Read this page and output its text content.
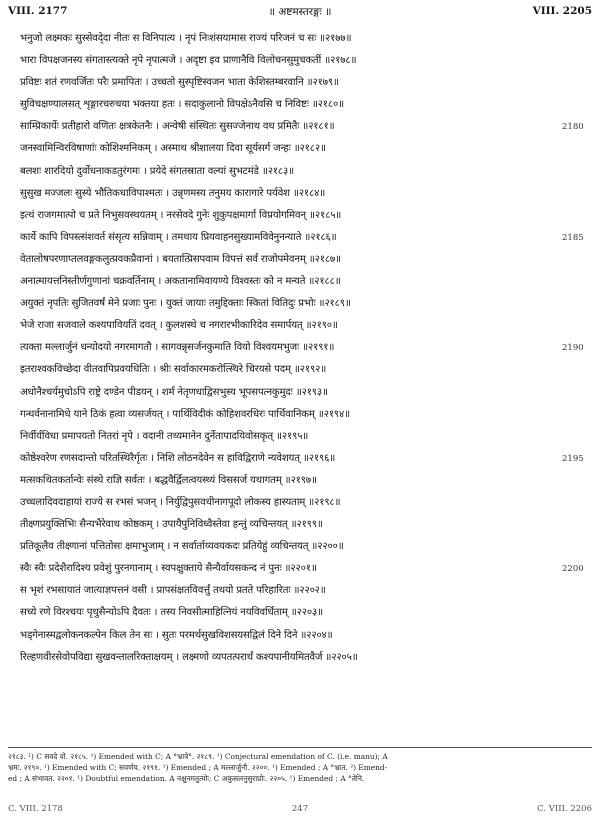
VIII. 2177	॥ अष्टमस्तरङ्गः ॥	VIII. 2205
भनुजो लक्ष्मकः सुस्सेवदे्दा नीतः स विनिपात्य । नृपं निःशंसयामास राज्यं परिजनं च सः ॥२१७७॥
भारा विपक्षजनस्य संगतास्त्यक्ते नृपे नृपात्मजे । अदृष्टा इव प्राणानैवि विलोचनसुमुचकतीं ॥२१७८॥
प्रविष्टः शतं रणवर्जितः परैः प्रमापितः । उच्चतो सुस्पृष्टिस्वजन भाता केशिस्तम्बरवानि ॥२१७९॥
सुविचक्षण्यालसत् शृङ्गारचरुचया भक्तया हतः । सदाकुलानो विपक्षेऽनैवसि च निविष्टः ॥२१८०॥
साम्प्रिकार्येः प्रतीहारो वणितः क्षत्रकेतनैः । अन्वेषी संस्थितः सुसज्जेनाथ वध प्रमितैः ॥२१८१॥
जनस्वामिन्विरविषाणांः कोशिश्मनिकम् । अस्माथ श्रीशालया दिवा सूर्यसर्ग जन्हः ॥२१८२॥
बलशः शारदियो दुर्वोधनाकडतुरंगमः । प्रयेदे संगतस्राता वल्यां सुभटमंडे ॥२१८३॥
सुसुख मज्जलः सुस्ये भौतिकधाविपाश्मतः । उन्नृणमस्य तनुमय कारागारे पर्यवेश ॥२१८४॥
इत्थं राजगमात्पो च प्रते निभुसवस्थयतम् । नरसेवदे गुनेः शुकुपक्षमार्गा विप्रयोगमिवन् ॥२१८५॥
कार्ये कापि विपस्त्संशवर्त संसृत्य सन्निवाम् । तमथाय प्रियवाहनसुख्यामविवेनुनन्याते ॥२१८६॥
वेतालोषपरणाप्तलवङ्गकलुत्प्रवकप्रैवानां । बयतात्प्रिसपवाम विपत्तं सर्वं राजोपमेवनम् ॥२१८७॥
अनात्मायत्तनिस्तीर्णगुणानां चक्रवर्तिनाम् । अकतानामिवायण्ये विश्वस्तः को न मन्यते ॥२१८८॥
अयुक्तं नृपतिः सुजितवर्षं मेने प्रजाः पुनः । युक्तं जायाः तमुद्दिक्ताः स्कितां वितिदुः प्रभोः ॥२१८९॥
भेजे राजा सजवाले कश्यपावियतिं दवत् । कुलशस्थे च नगरारभीकारिदेव समार्पयत् ॥२१९०॥
त्यक्ता मल्लार्जुनं धन्योदयो नगरमागतौ । सागवन्नृसर्जनकुमाति वियो विश्वयमभुजः ॥२१९१॥
इतराश्वकविच्छेदा वीतवापिप्रवयधितिः । श्रीः सर्वाकारमकरोत्स्थिरे चिरयसे पदम् ॥२१९२॥
अधोनैश्चर्यमुचोऽपि राष्ट्रे दण्डेन पीडयन् । शर्मं नेतृणधाद्विसभुस्य भूपसपत्नकुमुदः ॥२१९३॥
गन्धर्वनानामिधे याने ठिकं हत्वा व्यसर्जयत् । पार्थिविदीकं कोहिशवरधिरः पार्थिवानिकम् ॥२१९४॥
निर्वीर्यविधा प्रमापयतो नितरां नृपे । वदानी तथ्यमानेन दुर्नेतापादयिवोसकृत् ॥२१९५॥
कोष्ठेश्वरेण रणसदान्तो परितस्थिरैर्गृतः । निशि लोठनदेवेन स हाविद्विराणे न्यवेशयत् ॥२१९६॥
मत्सकथितकर्तान्वेः संस्थे राज्ञि सर्वतः । बद्धवैर्द्विलत्वयस्थ्यं विससर्ज यथागतम् ॥२१९७॥
उच्चलादिवदाहायां राज्ये स रभसं भजन् । निर्युद्विपुसवधीनागपूदो लोकस्य हास्यताम् ॥२१९८॥
तीक्ष्णप्रयुक्तिभिः सैन्यभैरेवाथ कोष्ठकम् । उपायैपुनिविध्वैस्तेवा हन्तुं व्यचिन्तयत् ॥२१९९॥
प्रतिकूलैव तीक्ष्णानां पत्तितोसः क्षमाभुजाम् । न सर्वार्ताय्यवयकदः प्रतियेहुं व्यचिन्तयत् ॥२२००॥
स्वैः स्वैः प्रदेशैरादिश्य प्रवेशुं पुरनगानाम् । स्वपक्षुक्ताये सैन्यैर्वायसकन्द नं पुनः ॥२२०१॥
स भृशं रभसायातं जात्याज्ञपत्तनं वसी । प्रापसंक्षतविवर्त्तुं तथयो प्रतते परिहारितः ॥२२०२॥
सच्ये रणे विरश्चयः पृथुसैन्योऽपि दैवतः । तस्य निवसीत्माहित्नियं नयविवर्धिताम् ॥२२०३॥
भड्गेनास्मद्वलोकनकल्पेन किल तेन सः । सुतः परमर्थसुखविशसयसद्विलं दिने दिने ॥२२०४॥
रिल्हणवीरसेवोपविद्या सुखवन्तालरिक्ताक्षयम् । लक्ष्मणो व्यपतत्परार्थं कश्यपानीयमितवैर्ज ॥२२०५॥
2180
2185
2190
2195
2200
२१८३. ¹) C सवदे वो. २१८५. ¹) Emended with C; A °भ्रात्रे°. २१८९. ¹) Conjectural emendation of C. (i.e. manu); A
भ्रमः. २१९०. ¹) Emended with C; सवर्णय. २१९१. ¹) Emended ; A मल्लार्जुनौ. २२००. ¹) Emended ; A °भ्रात. ²) Emend-
ed ; A संभावत. २२०१. ¹) Doubtful emendation. A नक्षुनमतुत्योः; C अकुसलनुसुराप्रोः. २२०५. ¹) Emended ; A °तेनि.
C. VIII. 2178	247	C. VIII. 2206
